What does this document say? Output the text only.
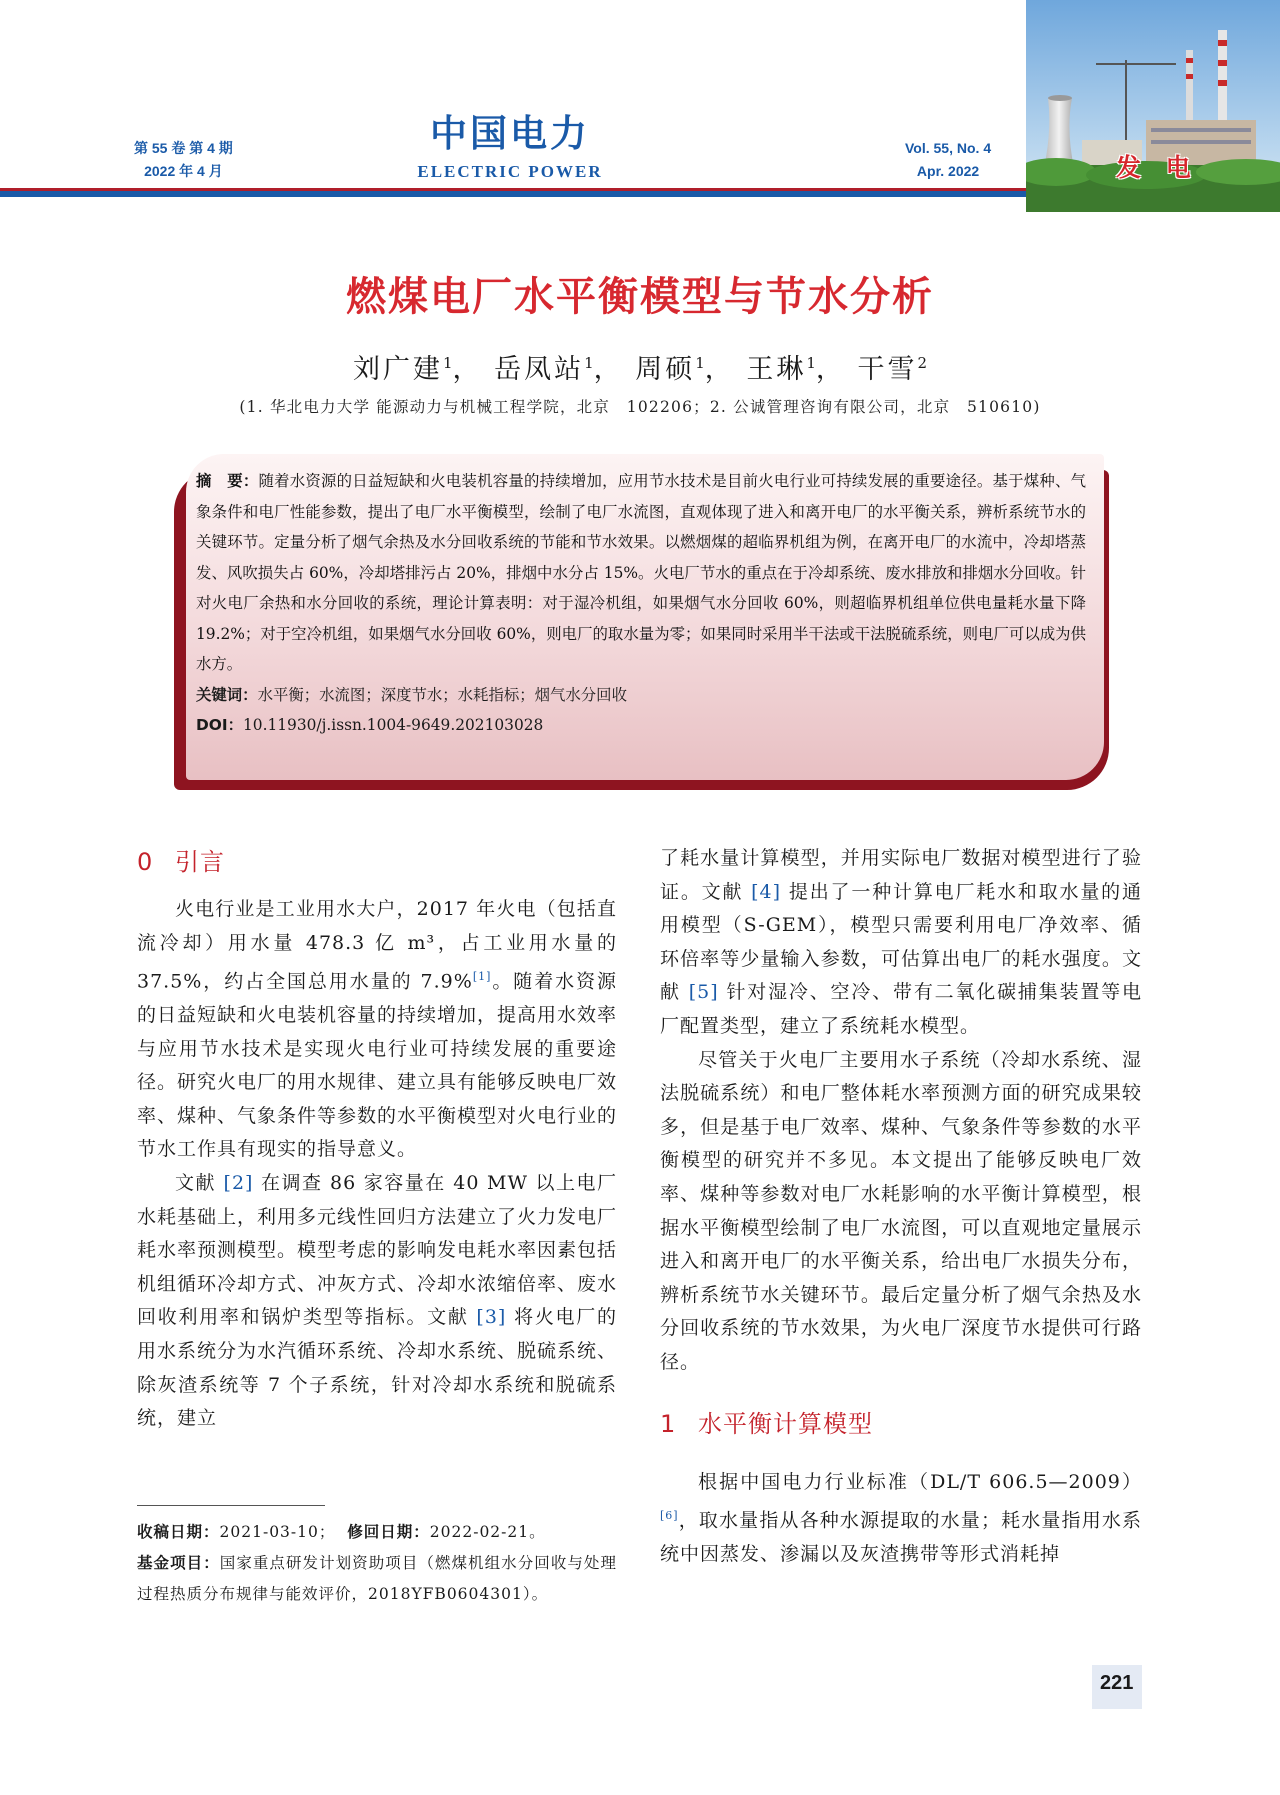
第 55 卷 第 4 期
2022 年 4 月
中国电力
ELECTRIC POWER
Vol. 55, No. 4
Apr. 2022	发 电
燃煤电厂水平衡模型与节水分析
刘广建$^1$， 岳凤站$^1$， 周硕$^1$， 王琳$^1$， 干雪$^2$
(1. 华北电力大学 能源动力与机械工程学院，北京　102206；2. 公诚管理咨询有限公司，北京　510610)

摘　要：随着水资源的日益短缺和火电装机容量的持续增加，应用节水技术是目前火电行业可持续发展的重要途径。基于煤种、气象条件和电厂性能参数，提出了电厂水平衡模型，绘制了电厂水流图，直观体现了进入和离开电厂的水平衡关系，辨析系统节水的关键环节。定量分析了烟气余热及水分回收系统的节能和节水效果。以燃烟煤的超临界机组为例，在离开电厂的水流中，冷却塔蒸发、风吹损失占 60%，冷却塔排污占 20%，排烟中水分占 15%。火电厂节水的重点在于冷却系统、废水排放和排烟水分回收。针对火电厂余热和水分回收的系统，理论计算表明：对于湿冷机组，如果烟气水分回收 60%，则超临界机组单位供电量耗水量下降 19.2%；对于空冷机组，如果烟气水分回收 60%，则电厂的取水量为零；如果同时采用半干法或干法脱硫系统，则电厂可以成为供水方。

关键词：水平衡；水流图；深度节水；水耗指标；烟气水分回收

DOI：10.11930/j.issn.1004-9649.202103028

0 引言

火电行业是工业用水大户，2017 年火电（包括直流冷却）用水量 478.3 亿 m³，占工业用水量的 37.5%，约占全国总用水量的 7.9%[1]。随着水资源的日益短缺和火电装机容量的持续增加，提高用水效率与应用节水技术是实现火电行业可持续发展的重要途径。研究火电厂的用水规律、建立具有能够反映电厂效率、煤种、气象条件等参数的水平衡模型对火电行业的节水工作具有现实的指导意义。

文献 [2] 在调查 86 家容量在 40 MW 以上电厂水耗基础上，利用多元线性回归方法建立了火力发电厂耗水率预测模型。模型考虑的影响发电耗水率因素包括机组循环冷却方式、冲灰方式、冷却水浓缩倍率、废水回收利用率和锅炉类型等指标。文献 [3] 将火电厂的用水系统分为水汽循环系统、冷却水系统、脱硫系统、除灰渣系统等 7 个子系统，针对冷却水系统和脱硫系统，建立

收稿日期：2021-03-10； 修回日期：2022-02-21。

基金项目：国家重点研发计划资助项目（燃煤机组水分回收与处理过程热质分布规律与能效评价，2018YFB0604301）。

了耗水量计算模型，并用实际电厂数据对模型进行了验证。文献 [4] 提出了一种计算电厂耗水和取水量的通用模型（S-GEM），模型只需要利用电厂净效率、循环倍率等少量输入参数，可估算出电厂的耗水强度。文献 [5] 针对湿冷、空冷、带有二氧化碳捕集装置等电厂配置类型，建立了系统耗水模型。

尽管关于火电厂主要用水子系统（冷却水系统、湿法脱硫系统）和电厂整体耗水率预测方面的研究成果较多，但是基于电厂效率、煤种、气象条件等参数的水平衡模型的研究并不多见。本文提出了能够反映电厂效率、煤种等参数对电厂水耗影响的水平衡计算模型，根据水平衡模型绘制了电厂水流图，可以直观地定量展示进入和离开电厂的水平衡关系，给出电厂水损失分布，辨析系统节水关键环节。最后定量分析了烟气余热及水分回收系统的节水效果，为火电厂深度节水提供可行路径。

1 水平衡计算模型

根据中国电力行业标准（DL/T 606.5—2009）[6]，取水量指从各种水源提取的水量；耗水量指用水系统中因蒸发、渗漏以及灰渣携带等形式消耗掉

221
